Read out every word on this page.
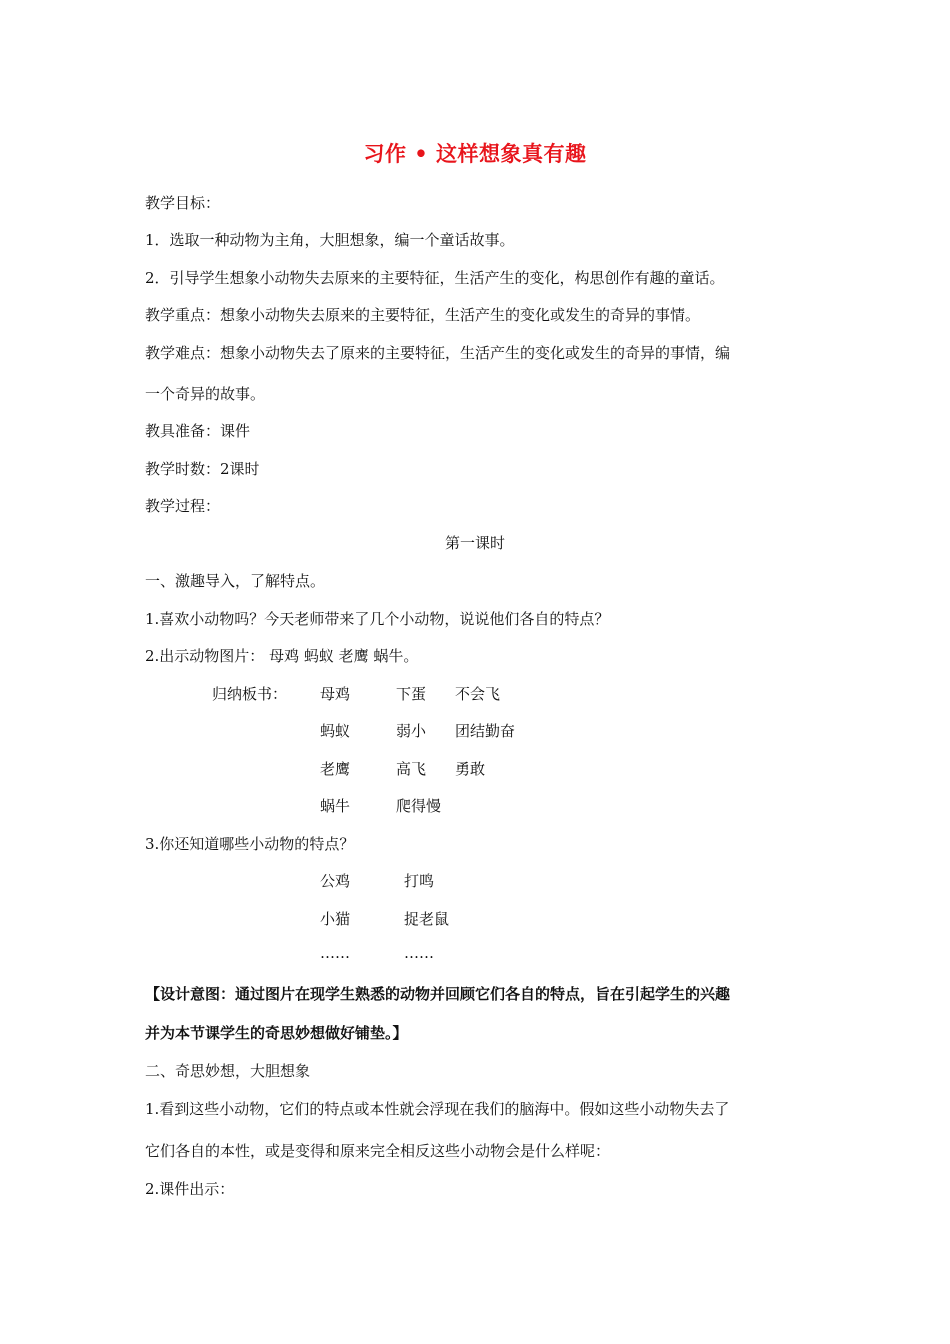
习作 • 这样想象真有趣
教学目标：
1．选取一种动物为主角，大胆想象，编一个童话故事。
2．引导学生想象小动物失去原来的主要特征，生活产生的变化，构思创作有趣的童话。
教学重点：想象小动物失去原来的主要特征，生活产生的变化或发生的奇异的事情。
教学难点：想象小动物失去了原来的主要特征，生活产生的变化或发生的奇异的事情，编
一个奇异的故事。
教具准备：课件
教学时数：2课时
教学过程：
第一课时
一、激趣导入，了解特点。
1.喜欢小动物吗？今天老师带来了几个小动物，说说他们各自的特点？
2.出示动物图片： 母鸡 蚂蚁 老鹰 蜗牛。
归纳板书： 母鸡	下蛋 不会飞
蚂蚁	弱小 团结勤奋
老鹰	高飞 勇敢
蜗牛	爬得慢
3.你还知道哪些小动物的特点？
公鸡	打鸣
小猫	捉老鼠
……	……
【设计意图：通过图片在现学生熟悉的动物并回顾它们各自的特点，旨在引起学生的兴趣
并为本节课学生的奇思妙想做好铺垫。】
二、奇思妙想，大胆想象
1.看到这些小动物，它们的特点或本性就会浮现在我们的脑海中。假如这些小动物失去了
它们各自的本性，或是变得和原来完全相反这些小动物会是什么样呢：
2.课件出示：
